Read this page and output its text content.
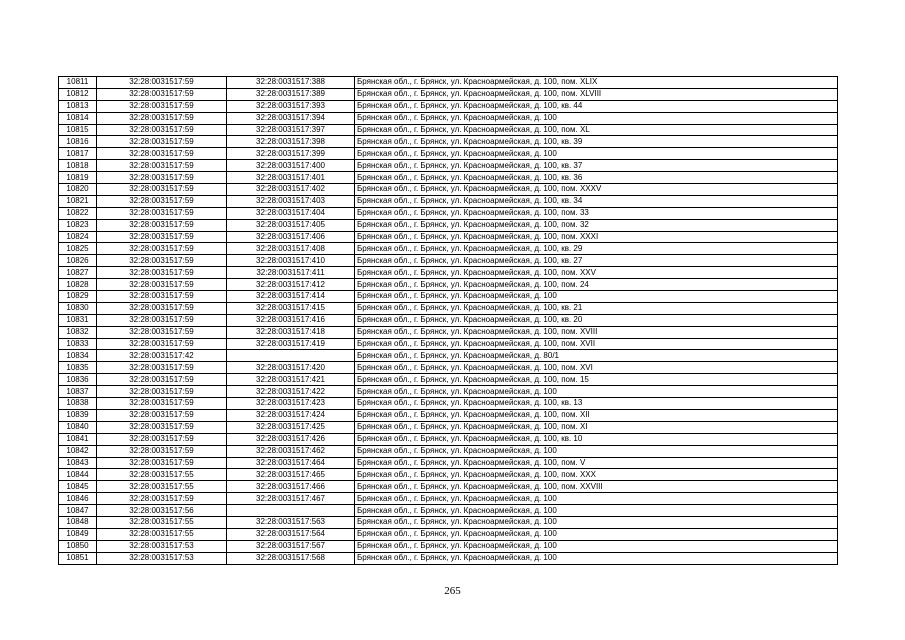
10811	32:28:0031517:59	32:28:0031517:388	Брянская обл., г. Брянск, ул. Красноармейская, д. 100, пом. XLIX
10812	32:28:0031517:59	32:28:0031517:389	Брянская обл., г. Брянск, ул. Красноармейская, д. 100, пом. XLVIII
10813	32:28:0031517:59	32:28:0031517:393	Брянская обл., г. Брянск, ул. Красноармейская, д. 100, кв. 44
10814	32:28:0031517:59	32:28:0031517:394	Брянская обл., г. Брянск, ул. Красноармейская, д. 100
10815	32:28:0031517:59	32:28:0031517:397	Брянская обл., г. Брянск, ул. Красноармейская, д. 100, пом. XL
10816	32:28:0031517:59	32:28:0031517:398	Брянская обл., г. Брянск, ул. Красноармейская, д. 100, кв. 39
10817	32:28:0031517:59	32:28:0031517:399	Брянская обл., г. Брянск, ул. Красноармейская, д. 100
10818	32:28:0031517:59	32:28:0031517:400	Брянская обл., г. Брянск, ул. Красноармейская, д. 100, кв. 37
10819	32:28:0031517:59	32:28:0031517:401	Брянская обл., г. Брянск, ул. Красноармейская, д. 100, кв. 36
10820	32:28:0031517:59	32:28:0031517:402	Брянская обл., г. Брянск, ул. Красноармейская, д. 100, пом. XXXV
10821	32:28:0031517:59	32:28:0031517:403	Брянская обл., г. Брянск, ул. Красноармейская, д. 100, кв. 34
10822	32:28:0031517:59	32:28:0031517:404	Брянская обл., г. Брянск, ул. Красноармейская, д. 100, пом. 33
10823	32:28:0031517:59	32:28:0031517:405	Брянская обл., г. Брянск, ул. Красноармейская, д. 100, пом. 32
10824	32:28:0031517:59	32:28:0031517:406	Брянская обл., г. Брянск, ул. Красноармейская, д. 100, пом. XXXI
10825	32:28:0031517:59	32:28:0031517:408	Брянская обл., г. Брянск, ул. Красноармейская, д. 100, кв. 29
10826	32:28:0031517:59	32:28:0031517:410	Брянская обл., г. Брянск, ул. Красноармейская, д. 100, кв. 27
10827	32:28:0031517:59	32:28:0031517:411	Брянская обл., г. Брянск, ул. Красноармейская, д. 100, пом. XXV
10828	32:28:0031517:59	32:28:0031517:412	Брянская обл., г. Брянск, ул. Красноармейская, д. 100, пом. 24
10829	32:28:0031517:59	32:28:0031517:414	Брянская обл., г. Брянск, ул. Красноармейская, д. 100
10830	32:28:0031517:59	32:28:0031517:415	Брянская обл., г. Брянск, ул. Красноармейская, д. 100, кв. 21
10831	32:28:0031517:59	32:28:0031517:416	Брянская обл., г. Брянск, ул. Красноармейская, д. 100, кв. 20
10832	32:28:0031517:59	32:28:0031517:418	Брянская обл., г. Брянск, ул. Красноармейская, д. 100, пом. XVIII
10833	32:28:0031517:59	32:28:0031517:419	Брянская обл., г. Брянск, ул. Красноармейская, д. 100, пом. XVII
10834	32:28:0031517:42		Брянская обл., г. Брянск, ул. Красноармейская, д. 80/1
10835	32:28:0031517:59	32:28:0031517:420	Брянская обл., г. Брянск, ул. Красноармейская, д. 100, пом. XVI
10836	32:28:0031517:59	32:28:0031517:421	Брянская обл., г. Брянск, ул. Красноармейская, д. 100, пом. 15
10837	32:28:0031517:59	32:28:0031517:422	Брянская обл., г. Брянск, ул. Красноармейская, д. 100
10838	32:28:0031517:59	32:28:0031517:423	Брянская обл., г. Брянск, ул. Красноармейская, д. 100, кв. 13
10839	32:28:0031517:59	32:28:0031517:424	Брянская обл., г. Брянск, ул. Красноармейская, д. 100, пом. XII
10840	32:28:0031517:59	32:28:0031517:425	Брянская обл., г. Брянск, ул. Красноармейская, д. 100, пом. XI
10841	32:28:0031517:59	32:28:0031517:426	Брянская обл., г. Брянск, ул. Красноармейская, д. 100, кв. 10
10842	32:28:0031517:59	32:28:0031517:462	Брянская обл., г. Брянск, ул. Красноармейская, д. 100
10843	32:28:0031517:59	32:28:0031517:464	Брянская обл., г. Брянск, ул. Красноармейская, д. 100, пом. V
10844	32:28:0031517:55	32:28:0031517:465	Брянская обл., г. Брянск, ул. Красноармейская, д. 100, пом. XXX
10845	32:28:0031517:55	32:28:0031517:466	Брянская обл., г. Брянск, ул. Красноармейская, д. 100, пом. XXVIII
10846	32:28:0031517:59	32:28:0031517:467	Брянская обл., г. Брянск, ул. Красноармейская, д. 100
10847	32:28:0031517:56		Брянская обл., г. Брянск, ул. Красноармейская, д. 100
10848	32:28:0031517:55	32:28:0031517:563	Брянская обл., г. Брянск, ул. Красноармейская, д. 100
10849	32:28:0031517:55	32:28:0031517:564	Брянская обл., г. Брянск, ул. Красноармейская, д. 100
10850	32:28:0031517:53	32:28:0031517:567	Брянская обл., г. Брянск, ул. Красноармейская, д. 100
10851	32:28:0031517:53	32:28:0031517:568	Брянская обл., г. Брянск, ул. Красноармейская, д. 100
265
